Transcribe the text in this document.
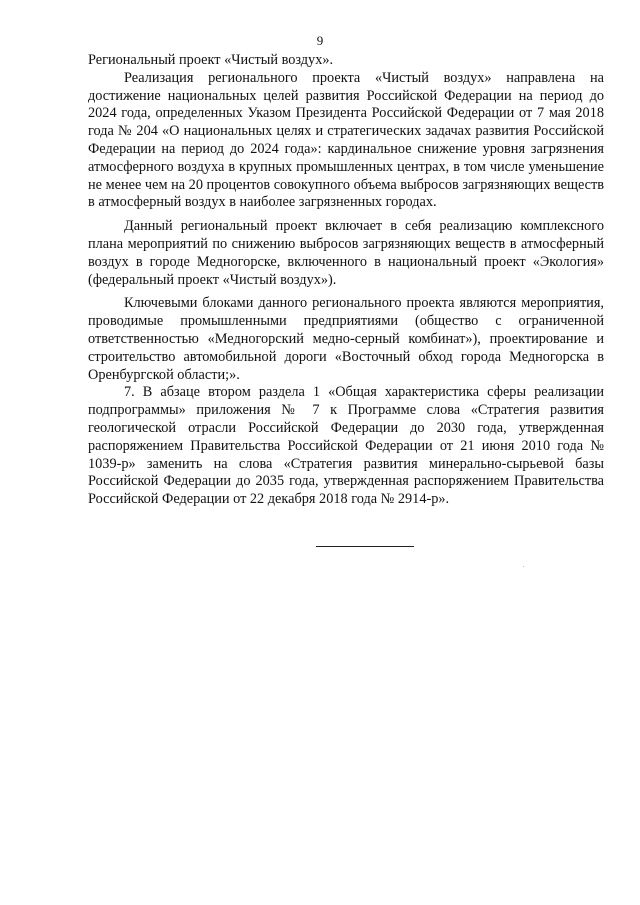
9

Региональный проект «Чистый воздух».

Реализация регионального проекта «Чистый воздух» направлена на достижение национальных целей развития Российской Федерации на период до 2024 года, определенных Указом Президента Российской Федерации от 7 мая 2018 года № 204 «О национальных целях и стратегических задачах развития Российской Федерации на период до 2024 года»: кардинальное снижение уровня загрязнения атмосферного воздуха в крупных промышленных центрах, в том числе уменьшение не менее чем на 20 процентов совокупного объема выбросов загрязняющих веществ в атмосферный воздух в наиболее загрязненных городах.

Данный региональный проект включает в себя реализацию комплексного плана мероприятий по снижению выбросов загрязняющих веществ в атмосферный воздух в городе Медногорске, включенного в национальный проект «Экология» (федеральный проект «Чистый воздух»).

Ключевыми блоками данного регионального проекта являются мероприятия, проводимые промышленными предприятиями (общество с ограниченной ответственностью «Медногорский медно-серный комбинат»), проектирование и строительство автомобильной дороги «Восточный обход города Медногорска в Оренбургской области;».

7. В абзаце втором раздела 1 «Общая характеристика сферы реализации подпрограммы» приложения № 7 к Программе слова «Стратегия развития геологической отрасли Российской Федерации до 2030 года, утвержденная распоряжением Правительства Российской Федерации от 21 июня 2010 года № 1039-р» заменить на слова «Стратегия развития минерально-сырьевой базы Российской Федерации до 2035 года, утвержденная распоряжением Правительства Российской Федерации от 22 декабря 2018 года № 2914-р».
